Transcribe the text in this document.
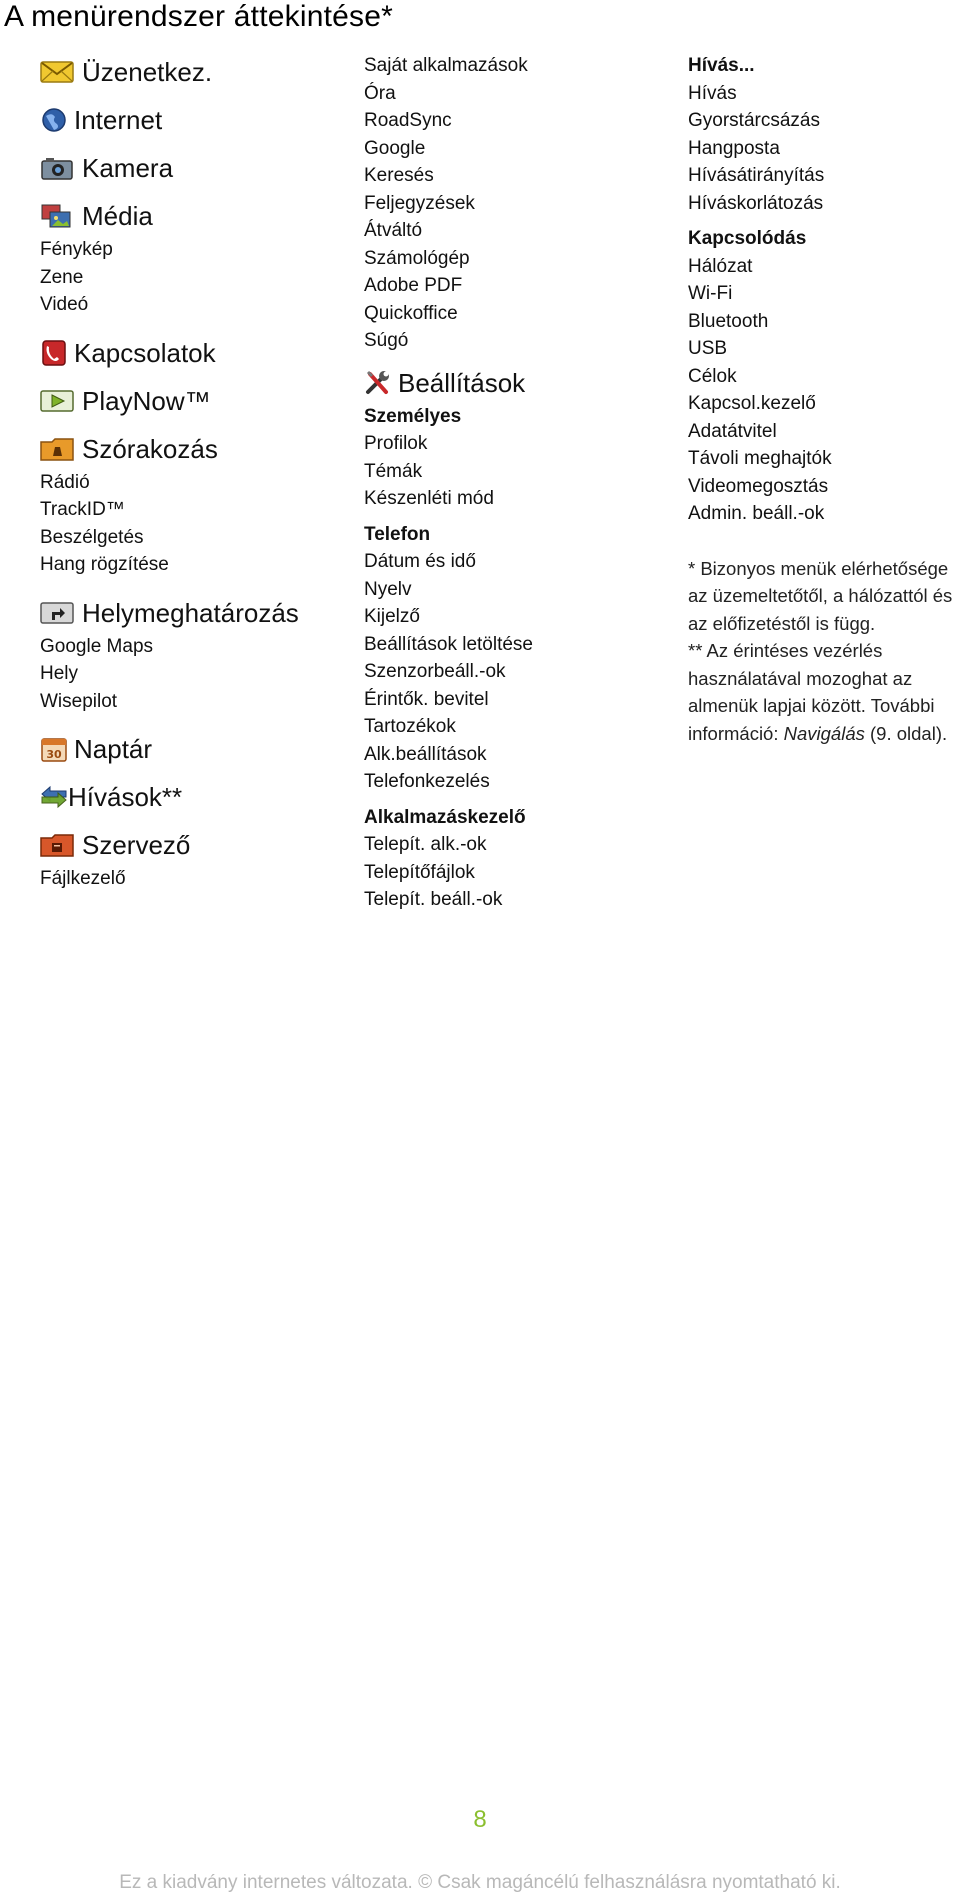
A menürendszer áttekintése*
Üzenetkez.
Internet
Kamera
Média
Fénykép
Zene
Videó
Kapcsolatok
PlayNow™
Szórakozás
Rádió
TrackID™
Beszélgetés
Hang rögzítése
Helymeghatározás
Google Maps
Hely
Wisepilot
30 Naptár
Hívások**
Szervező
Fájlkezelő
Saját alkalmazások
Óra
RoadSync
Google
Keresés
Feljegyzések
Átváltó
Számológép
Adobe PDF
Quickoffice
Súgó
Beállítások
Személyes
Profilok
Témák
Készenléti mód
Telefon
Dátum és idő
Nyelv
Kijelző
Beállítások letöltése
Szenzorbeáll.-ok
Érintők. bevitel
Tartozékok
Alk.beállítások
Telefonkezelés
Alkalmazáskezelő
Telepít. alk.-ok
Telepítőfájlok
Telepít. beáll.-ok
Hívás...
Hívás
Gyorstárcsázás
Hangposta
Hívásátirányítás
Híváskorlátozás
Kapcsolódás
Hálózat
Wi-Fi
Bluetooth
USB
Célok
Kapcsol.kezelő
Adatátvitel
Távoli meghajtók
Videomegosztás
Admin. beáll.-ok

* Bizonyos menük elérhetősége az üzemeltetőtől, a hálózattól és az előfizetéstől is függ.

** Az érintéses vezérlés használatával mozoghat az almenük lapjai között. További információ: Navigálás (9. oldal).

8
Ez a kiadvány internetes változata. © Csak magáncélú felhasználásra nyomtatható ki.
